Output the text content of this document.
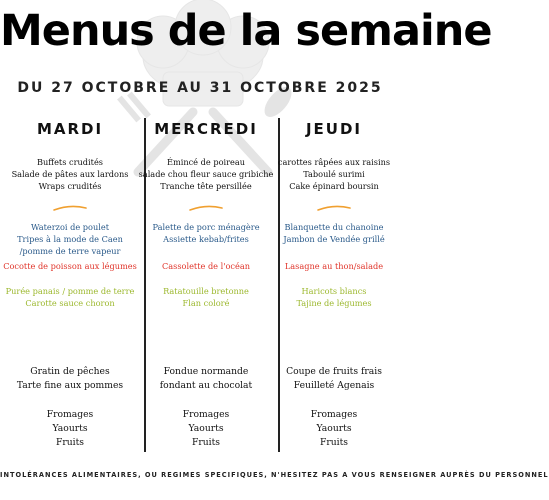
Menus de la semaine
DU 27 OCTOBRE AU 31 OCTOBRE 2025
MARDI
Buffets crudités
Salade de pâtes aux lardons
Wraps crudités
Waterzoi de poulet
Tripes à la mode de Caen
/pomme de terre vapeur
Cocotte de poisson aux légumes
Purée panais / pomme de terre
Carotte sauce choron
Gratin de pêches
Tarte fine aux pommes
Fromages
Yaourts
Fruits
MERCREDI
Émincé de poireau
salade chou fleur sauce gribiche
Tranche tête persillée
Palette de porc ménagère
Assiette kebab/frites
Cassolette de l'océan
Ratatouille bretonne
Flan coloré
Fondue normande
fondant au chocolat
Fromages
Yaourts
Fruits
JEUDI
carottes râpées aux raisins
Taboulé surimi
Cake épinard boursin
Blanquette du chanoine
Jambon de Vendée grillé
Lasagne au thon/salade
Haricots blancs
Tajine de légumes
Coupe de fruits frais
Feuilleté Agenais
Fromages
Yaourts
Fruits
INTOLÉRANCES ALIMENTAIRES, OU REGIMES SPECIFIQUES, N'HESITEZ PAS A VOUS RENSEIGNER AUPRÈS DU PERSONNEL
